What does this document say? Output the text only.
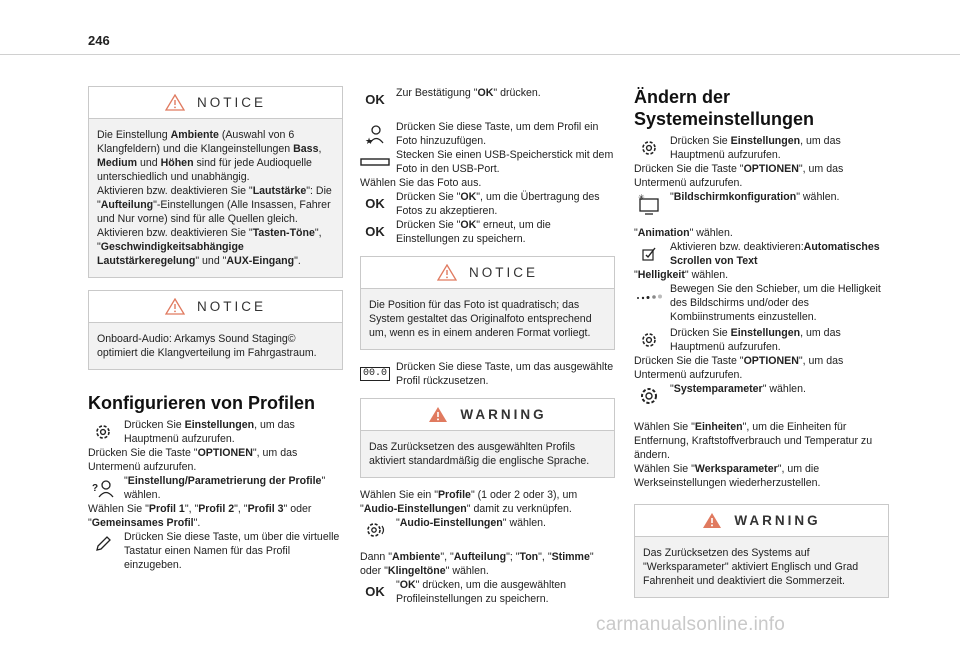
246
NOTICE
Die Einstellung Ambiente (Auswahl von 6 Klangfeldern) und die Klangeinstellungen Bass, Medium und Höhen sind für jede Audioquelle unterschiedlich und unabhängig.
Aktivieren bzw. deaktivieren Sie "Lautstärke": Die "Aufteilung"-Einstellungen (Alle Insassen, Fahrer und Nur vorne) sind für alle Quellen gleich.
Aktivieren bzw. deaktivieren Sie "Tasten-Töne", "Geschwindigkeitsabhängige Lautstärkeregelung" und "AUX-Eingang".
NOTICE
Onboard-Audio: Arkamys Sound Staging© optimiert die Klangverteilung im Fahrgastraum.
Konfigurieren von Profilen
Drücken Sie Einstellungen, um das Hauptmenü aufzurufen.

Drücken Sie die Taste "OPTIONEN", um das Untermenü aufzurufen.

?
"Einstellung/Parametrierung der Profile" wählen.

Wählen Sie "Profil 1", "Profil 2", "Profil 3" oder "Gemeinsames Profil".

Drücken Sie diese Taste, um über die virtuelle Tastatur einen Namen für das Profil einzugeben.
OK	Zur Bestätigung "OK" drücken.
★
Drücken Sie diese Taste, um dem Profil ein Foto hinzuzufügen.
Stecken Sie einen USB-Speicherstick mit dem Foto in den USB-Port.

Wählen Sie das Foto aus.

OK	Drücken Sie "OK", um die Übertragung des Fotos zu akzeptieren.
OK	Drücken Sie "OK" erneut, um die Einstellungen zu speichern.
NOTICE
Die Position für das Foto ist quadratisch; das System gestaltet das Originalfoto entsprechend um, wenn es in einem anderen Format vorliegt.
00.0
Drücken Sie diese Taste, um das ausgewählte Profil rückzusetzen.
WARNING
Das Zurücksetzen des ausgewählten Profils aktiviert standardmäßig die englische Sprache.

Wählen Sie ein "Profile" (1 oder 2 oder 3), um "Audio-Einstellungen" damit zu verknüpfen.

"Audio-Einstellungen" wählen.

Dann "Ambiente", "Aufteilung"; "Ton", "Stimme" oder "Klingeltöne" wählen.

OK	"OK" drücken, um die ausgewählten Profileinstellungen zu speichern.
Ändern der Systemeinstellungen
Drücken Sie Einstellungen, um das Hauptmenü aufzurufen.

Drücken Sie die Taste "OPTIONEN", um das Untermenü aufzurufen.

✳ "Bildschirmkonfiguration" wählen.

"Animation" wählen.

Aktivieren bzw. deaktivieren:Automatisches Scrollen von Text

"Helligkeit" wählen.

Bewegen Sie den Schieber, um die Helligkeit des Bildschirms und/oder des Kombiinstruments einzustellen.
Drücken Sie Einstellungen, um das Hauptmenü aufzurufen.

Drücken Sie die Taste "OPTIONEN", um das Untermenü aufzurufen.

"Systemparameter" wählen.

Wählen Sie "Einheiten", um die Einheiten für Entfernung, Kraftstoffverbrauch und Temperatur zu ändern.

Wählen Sie "Werksparameter", um die Werkseinstellungen wiederherzustellen.

WARNING
Das Zurücksetzen des Systems auf "Werksparameter" aktiviert Englisch und Grad Fahrenheit und deaktiviert die Sommerzeit.
carmanualsonline.info
